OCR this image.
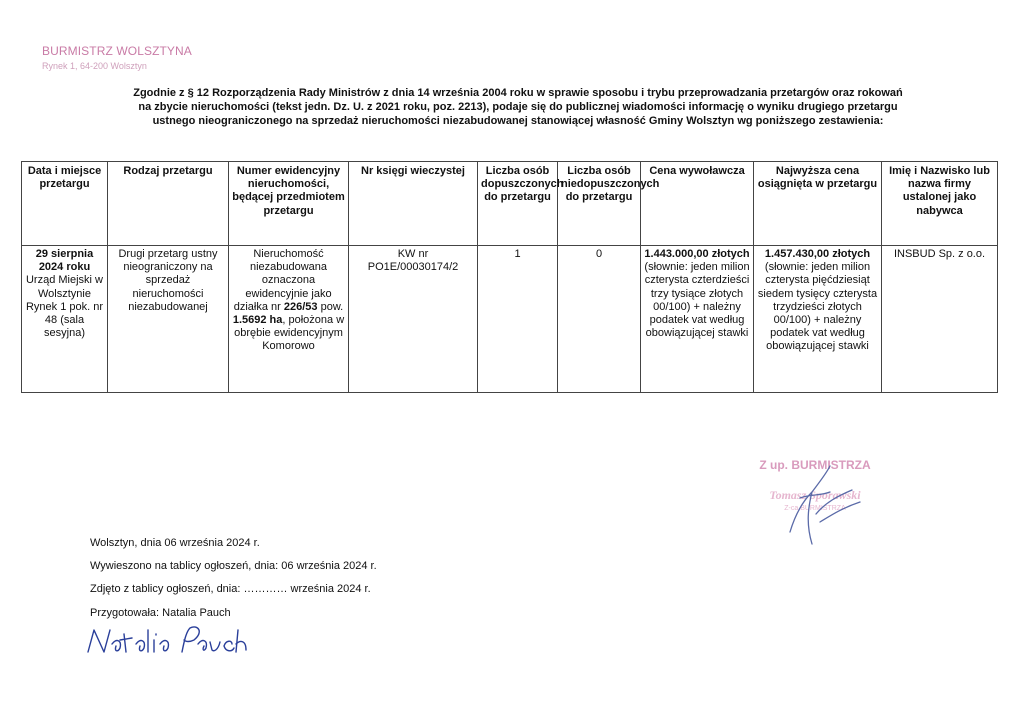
BURMISTRZ WOLSZTYNA
Rynek 1, 64-200 Wolsztyn
Zgodnie z § 12 Rozporządzenia Rady Ministrów z dnia 14 września 2004 roku w sprawie sposobu i trybu przeprowadzania przetargów oraz rokowań
na zbycie nieruchomości (tekst jedn. Dz. U. z 2021 roku, poz. 2213), podaje się do publicznej wiadomości informację o wyniku drugiego przetargu
ustnego nieograniczonego na sprzedaż nieruchomości niezabudowanej stanowiącej własność Gminy Wolsztyn wg poniższego zestawienia:
Data i miejsce przetargu	Rodzaj przetargu	Numer ewidencyjny nieruchomości, będącej przedmiotem przetargu	Nr księgi wieczystej	Liczba osób dopuszczonych do przetargu	Liczba osób niedopuszczonych do przetargu	Cena wywoławcza	Najwyższa cena osiągnięta w przetargu	Imię i Nazwisko lub nazwa firmy ustalonej jako nabywca
29 sierpnia 2024 roku
Urząd Miejski w Wolsztynie Rynek 1 pok. nr 48 (sala sesyjna)	Drugi przetarg ustny nieograniczony na sprzedaż nieruchomości niezabudowanej	Nieruchomość niezabudowana oznaczona ewidencyjnie jako działka nr 226/53 pow. 1.5692 ha, położona w obrębie ewidencyjnym Komorowo	KW nr PO1E/00030174/2	1	0	1.443.000,00 złotych (słownie: jeden milion czterysta czterdzieści trzy tysiące złotych 00/100) + należny podatek vat według obowiązującej stawki	1.457.430,00 złotych (słownie: jeden milion czterysta pięćdziesiąt siedem tysięcy czterysta trzydzieści złotych 00/100) + należny podatek vat według obowiązującej stawki	INSBUD Sp. z o.o.
Z up. BURMISTRZA
Tomasz Sporawski
Z-ca BURMISTRZA
Wolsztyn, dnia 06 września 2024 r.
Wywieszono na tablicy ogłoszeń, dnia: 06 września 2024 r.
Zdjęto z tablicy ogłoszeń, dnia: ………… września 2024 r.
Przygotowała: Natalia Pauch
